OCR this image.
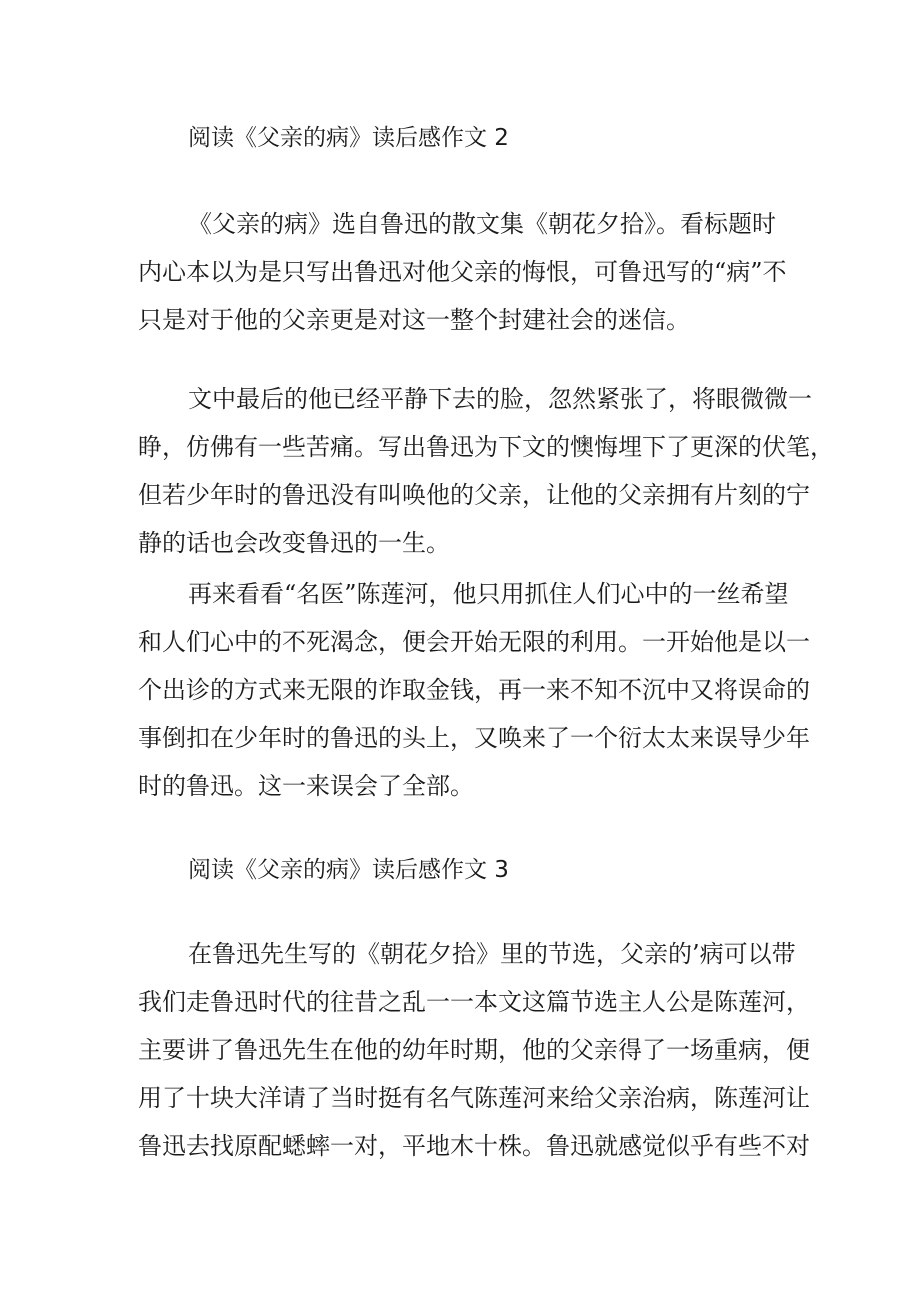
阅读《父亲的病》读后感作文 2
《父亲的病》选自鲁迅的散文集《朝花夕拾》。看标题时
内心本以为是只写出鲁迅对他父亲的悔恨，可鲁迅写的“病”不
只是对于他的父亲更是对这一整个封建社会的迷信。
文中最后的他已经平静下去的脸，忽然紧张了，将眼微微一
睁，仿佛有一些苦痛。写出鲁迅为下文的懊悔埋下了更深的伏笔，
但若少年时的鲁迅没有叫唤他的父亲，让他的父亲拥有片刻的宁
静的话也会改变鲁迅的一生。
再来看看“名医”陈莲河，他只用抓住人们心中的一丝希望
和人们心中的不死渴念，便会开始无限的利用。一开始他是以一
个出诊的方式来无限的诈取金钱，再一来不知不沉中又将误命的
事倒扣在少年时的鲁迅的头上，又唤来了一个衍太太来误导少年
时的鲁迅。这一来误会了全部。
阅读《父亲的病》读后感作文 3
在鲁迅先生写的《朝花夕拾》里的节选，父亲的’病可以带
我们走鲁迅时代的往昔之乱一一本文这篇节选主人公是陈莲河，
主要讲了鲁迅先生在他的幼年时期，他的父亲得了一场重病，便
用了十块大洋请了当时挺有名气陈莲河来给父亲治病，陈莲河让
鲁迅去找原配蟋蟀一对，平地木十株。鲁迅就感觉似乎有些不对
